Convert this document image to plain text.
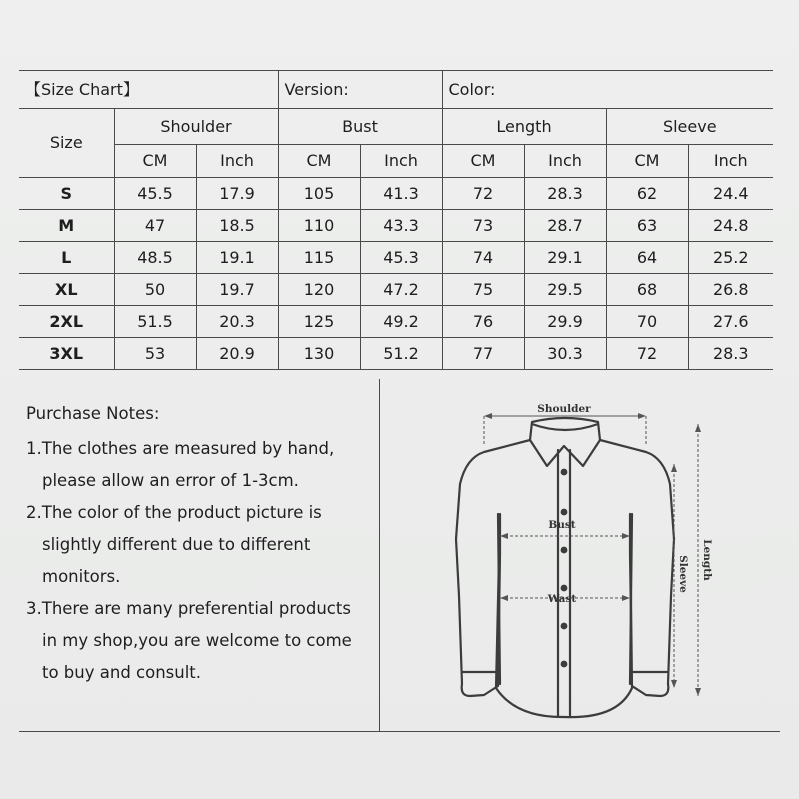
【Size Chart】			Version:		Color:			
Size	Shoulder		Bust		Length		Sleeve	
	CM	Inch	CM	Inch	CM	Inch	CM	Inch
S	45.5	17.9	105	41.3	72	28.3	62	24.4
M	47	18.5	110	43.3	73	28.7	63	24.8
L	48.5	19.1	115	45.3	74	29.1	64	25.2
XL	50	19.7	120	47.2	75	29.5	68	26.8
2XL	51.5	20.3	125	49.2	76	29.9	70	27.6
3XL	53	20.9	130	51.2	77	30.3	72	28.3
Purchase Notes:
1.The clothes are measured by hand,
please allow an error of 1-3cm.
2.The color of the product picture is
slightly different due to different
monitors.
3.There are many preferential products
in my shop,you are welcome to come
to buy and consult.
Shoulder
Bust
Wast
Sleeve Length
